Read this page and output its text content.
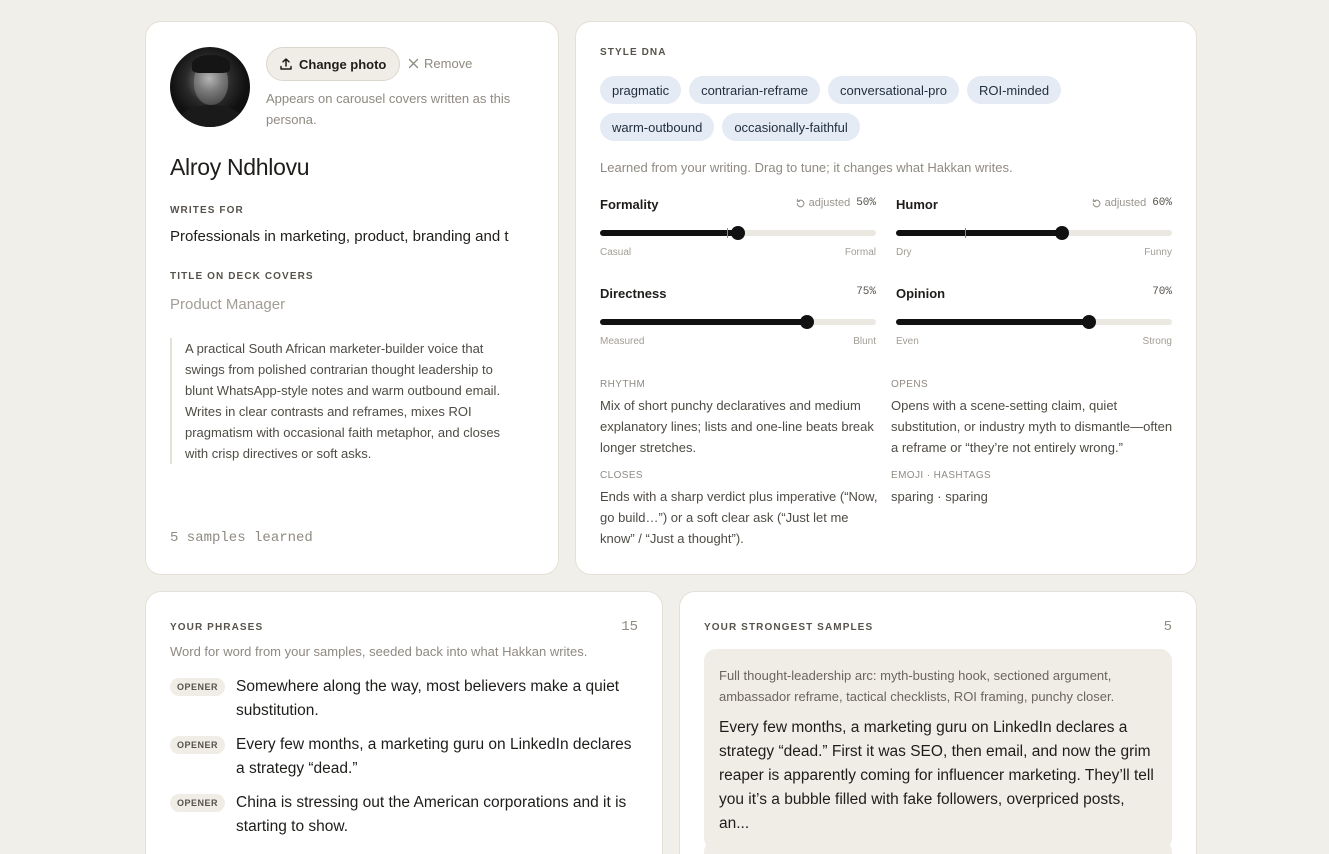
Change photo	Remove

Appears on carousel covers written as this persona.

Alroy Ndhlovu
WRITES FOR
Professionals in marketing, product, branding and t
TITLE ON DECK COVERS
Product Manager

A practical South African marketer-builder voice that swings from polished contrarian thought leadership to blunt WhatsApp-style notes and warm outbound email. Writes in clear contrasts and reframes, mixes ROI pragmatism with occasional faith metaphor, and closes with crisp directives or soft asks.

5 samples learned
STYLE DNA
pragmatic	contrarian-reframe	conversational-pro	ROI-minded
warm-outbound	occasionally-faithful

Learned from your writing. Drag to tune; it changes what Hakkan writes.

Formality	adjusted 50%
Casual	Formal
Humor	adjusted 60%
Dry	Funny
Directness	75%
Measured	Blunt
Opinion	70%
Even	Strong
RHYTHM
Mix of short punchy declaratives and medium explanatory lines; lists and one-line beats break longer stretches.
OPENS
Opens with a scene-setting claim, quiet substitution, or industry myth to dismantle—often a reframe or “they’re not entirely wrong.”
CLOSES
Ends with a sharp verdict plus imperative (“Now, go build…”) or a soft clear ask (“Just let me know” / “Just a thought”).
EMOJI · HASHTAGS
sparing · sparing
YOUR PHRASES	15

Word for word from your samples, seeded back into what Hakkan writes.

OPENER	Somewhere along the way, most believers make a quiet substitution.
OPENER	Every few months, a marketing guru on LinkedIn declares a strategy “dead.”
OPENER	China is stressing out the American corporations and it is starting to show.
YOUR STRONGEST SAMPLES	5

Full thought-leadership arc: myth-busting hook, sectioned argument, ambassador reframe, tactical checklists, ROI framing, punchy closer.

Every few months, a marketing guru on LinkedIn declares a strategy “dead.” First it was SEO, then email, and now the grim reaper is apparently coming for influencer marketing. They’ll tell you it’s a bubble filled with fake followers, overpriced posts, an...
